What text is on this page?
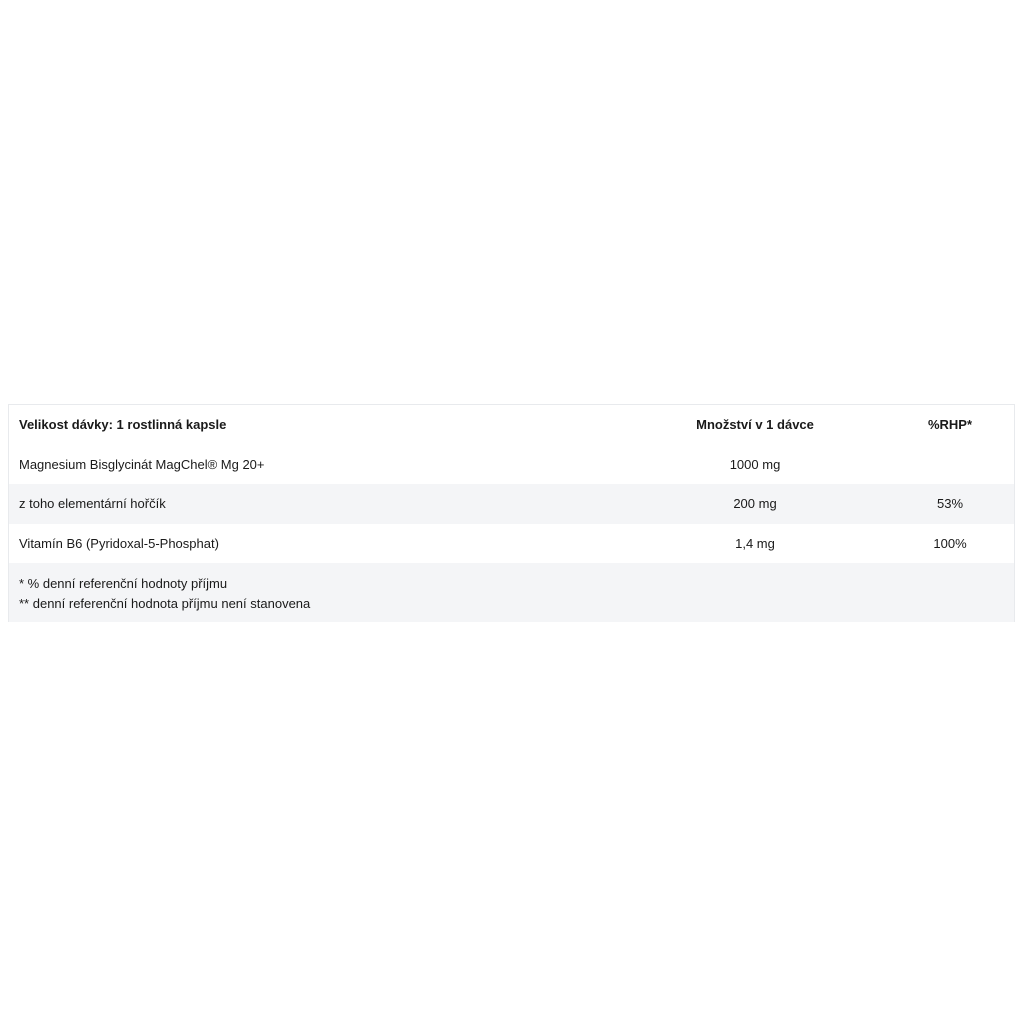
Velikost dávky: 1 rostlinná kapsle	Množství v 1 dávce	%RHP*
Magnesium Bisglycinát MagChel® Mg 20+	1000 mg
z toho elementární hořčík	200 mg	53%
Vitamín B6 (Pyridoxal-5-Phosphat)	1,4 mg	100%
* % denní referenční hodnoty příjmu
** denní referenční hodnota příjmu není stanovena
